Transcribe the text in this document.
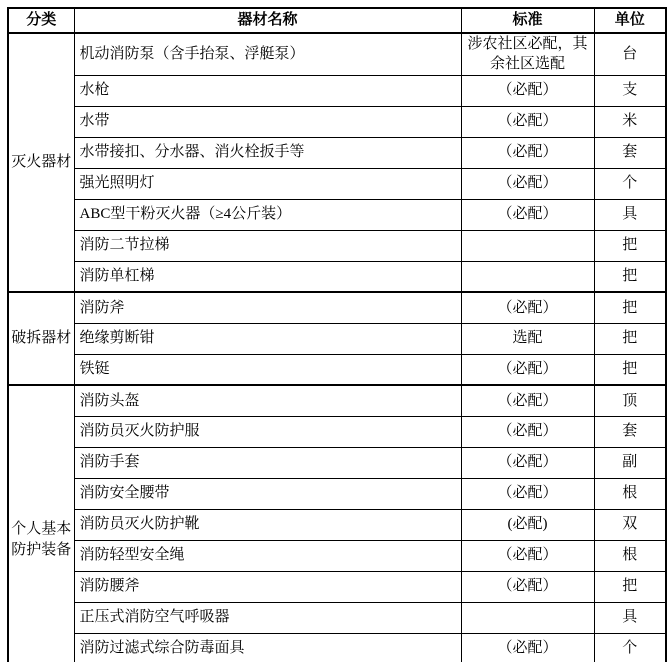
分类	器材名称	标准	单位
灭火器材	机动消防泵（含手抬泵、浮艇泵）	涉农社区必配，其余社区选配	台
	水枪	（必配）	支
	水带	（必配）	米
	水带接扣、分水器、消火栓扳手等	（必配）	套
	强光照明灯	（必配）	个
	ABC型干粉灭火器（≥4公斤装）	（必配）	具
	消防二节拉梯		把
	消防单杠梯		把
破拆器材	消防斧	（必配）	把
	绝缘剪断钳	选配	把
	铁铤	（必配）	把
个人基本防护装备	消防头盔	（必配）	顶
	消防员灭火防护服	（必配）	套
	消防手套	（必配）	副
	消防安全腰带	（必配）	根
	消防员灭火防护靴	(必配)	双
	消防轻型安全绳	（必配）	根
	消防腰斧	（必配）	把
	正压式消防空气呼吸器		具
	消防过滤式综合防毒面具	（必配）	个
